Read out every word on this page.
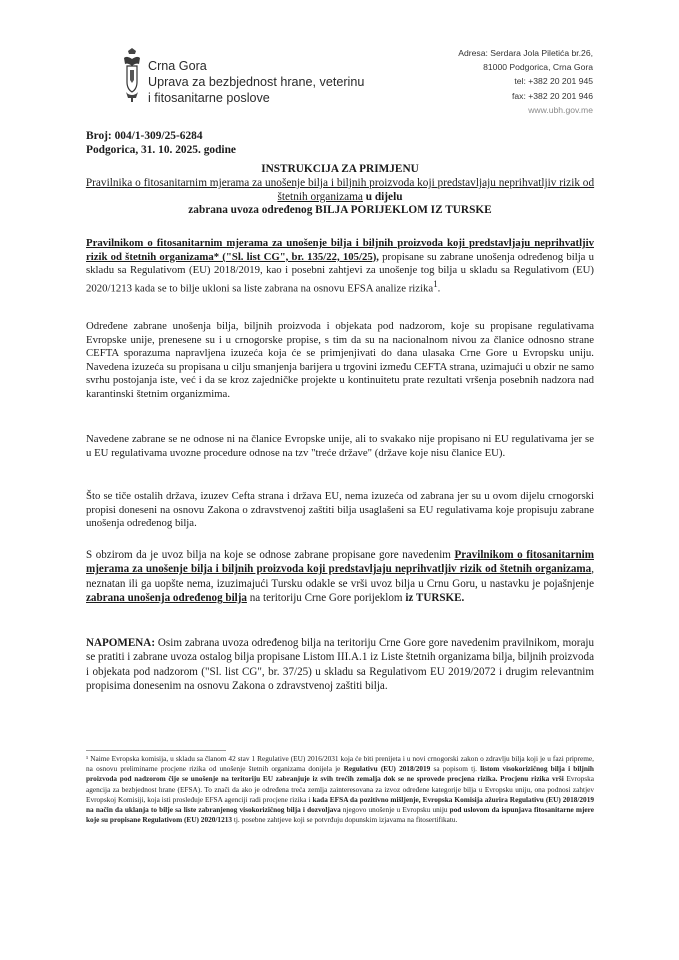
Crna Gora
Uprava za bezbjednost hrane, veterinu
i fitosanitarne poslove
Adresa: Serdara Jola Piletića br.26,
81000 Podgorica, Crna Gora
tel: +382 20 201 945
fax: +382 20 201 946
www.ubh.gov.me
Broj: 004/1-309/25-6284
Podgorica, 31. 10. 2025. godine
INSTRUKCIJA ZA PRIMJENU
Pravilnika o fitosanitarnim mjerama za unošenje bilja i biljnih proizvoda koji predstavljaju neprihvatljiv rizik od štetnih organizama u dijelu
zabrana uvoza određenog BILJA PORIJEKLOM IZ TURSKE
Pravilnikom o fitosanitarnim mjerama za unošenje bilja i biljnih proizvoda koji predstavljaju neprihvatljiv rizik od štetnih organizama* ("Sl. list CG", br. 135/22, 105/25), propisane su zabrane unošenja određenog bilja u skladu sa Regulativom (EU) 2018/2019, kao i posebni zahtjevi za unošenje tog bilja u skladu sa Regulativom (EU) 2020/1213 kada se to bilje ukloni sa liste zabrana na osnovu EFSA analize rizika$^1$.
Određene zabrane unošenja bilja, biljnih proizvoda i objekata pod nadzorom, koje su propisane regulativama Evropske unije, prenesene su i u crnogorske propise, s tim da su na nacionalnom nivou za članice odnosno strane CEFTA sporazuma napravljena izuzeća koja će se primjenjivati do dana ulasaka Crne Gore u Evropsku uniju. Navedena izuzeća su propisana u cilju smanjenja barijera u trgovini između CEFTA strana, uzimajući u obzir ne samo svrhu postojanja iste, već i da se kroz zajedničke projekte u kontinuitetu prate rezultati vršenja posebnih nadzora nad karantinski štetnim organizmima.
Navedene zabrane se ne odnose ni na članice Evropske unije, ali to svakako nije propisano ni EU regulativama jer se u EU regulativama uvozne procedure odnose na tzv "treće države" (države koje nisu članice EU).
Što se tiče ostalih država, izuzev Cefta strana i država EU, nema izuzeća od zabrana jer su u ovom dijelu crnogorski propisi doneseni na osnovu Zakona o zdravstvenoj zaštiti bilja usaglašeni sa EU regulativama koje propisuju zabrane unošenja određenog bilja.
S obzirom da je uvoz bilja na koje se odnose zabrane propisane gore navedenim Pravilnikom o fitosanitarnim mjerama za unošenje bilja i biljnih proizvoda koji predstavljaju neprihvatljiv rizik od štetnih organizama, neznatan ili ga uopšte nema, izuzimajući Tursku odakle se vrši uvoz bilja u Crnu Goru, u nastavku je pojašnjenje zabrana unošenja određenog bilja na teritoriju Crne Gore porijeklom iz TURSKE.
NAPOMENA: Osim zabrana uvoza određenog bilja na teritoriju Crne Gore gore navedenim pravilnikom, moraju se pratiti i zabrane uvoza ostalog bilja propisane Listom III.A.1 iz Liste štetnih organizama bilja, biljnih proizvoda i objekata pod nadzorom ("Sl. list CG", br. 37/25) u skladu sa Regulativom EU 2019/2072 i drugim relevantnim propisima donesenim na osnovu Zakona o zdravstvenoj zaštiti bilja.
¹ Naime Evropska komisija, u skladu sa članom 42 stav 1 Regulative (EU) 2016/2031 koja će biti prenijeta i u novi crnogorski zakon o zdravlju bilja koji je u fazi pripreme, na osnovu preliminarne procjene rizika od unošenje štetnih organizama donijela je Regulativu (EU) 2018/2019 sa popisom tj. listom visokorizičnog bilja i biljnih proizvoda pod nadzorom čije se unošenje na teritoriju EU zabranjuje iz svih trećih zemalja dok se ne sprovede procjena rizika. Procjenu rizika vrši Evropska agencija za bezbjednost hrane (EFSA). To znači da ako je određena treća zemlja zainteresovana za izvoz određene kategorije bilja u Evropsku uniju, ona podnosi zahtjev Evropskoj Komisiji, koja isti prosleđuje EFSA agenciji radi procjene rizika i kada EFSA da pozitivno mišljenje, Evropska Komisija ažurira Regulativu (EU) 2018/2019 na način da uklanja to bilje sa liste zabranjenog visokorizičnog bilja i dozvoljava njegovo unošenje u Evropsku uniju pod uslovom da ispunjava fitosanitarne mjere koje su propisane Regulativom (EU) 2020/1213 tj. posebne zahtjeve koji se potvrđuju dopunskim izjavama na fitosertifikatu.
